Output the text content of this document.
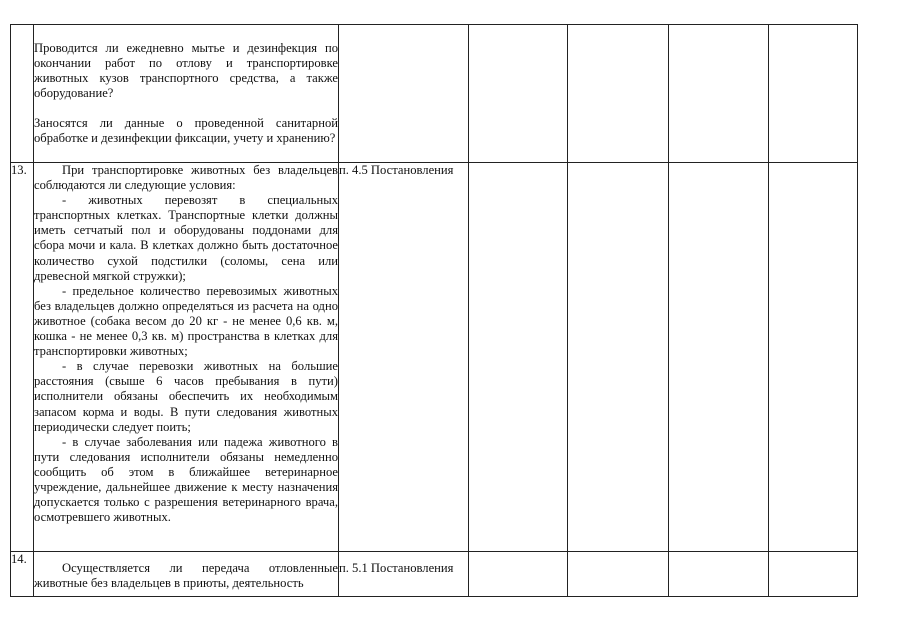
	Проводится ли ежедневно мытье и дезинфекция по окончании работ по отлову и транспортировке животных кузов транспортного средства, а также оборудование?

Заносятся ли данные о проведенной санитарной обработке и дезинфекции фиксации, учету и хранению?					

13.	При транспортировке животных без владельцев соблюдаются ли следующие условия:

- животных перевозят в специальных транспортных клетках. Транспортные клетки должны иметь сетчатый пол и оборудованы поддонами для сбора мочи и кала. В клетках должно быть достаточное количество сухой подстилки (соломы, сена или древесной мягкой стружки);

- предельное количество перевозимых животных без владельцев должно определяться из расчета на одно животное (собака весом до 20 кг - не менее 0,6 кв. м, кошка - не менее 0,3 кв. м) пространства в клетках для транспортировки животных;

- в случае перевозки животных на большие расстояния (свыше 6 часов пребывания в пути) исполнители обязаны обеспечить их необходимым запасом корма и воды. В пути следования животных периодически следует поить;

- в случае заболевания или падежа животного в пути следования исполнители обязаны немедленно сообщить об этом в ближайшее ветеринарное учреждение, дальнейшее движение к месту назначения допускается только с разрешения ветеринарного врача, осмотревшего животных.	п. 4.5 Постановления				
14.	Осуществляется ли передача отловленные животные без владельцев в приюты, деятельность	п. 5.1 Постановления				
